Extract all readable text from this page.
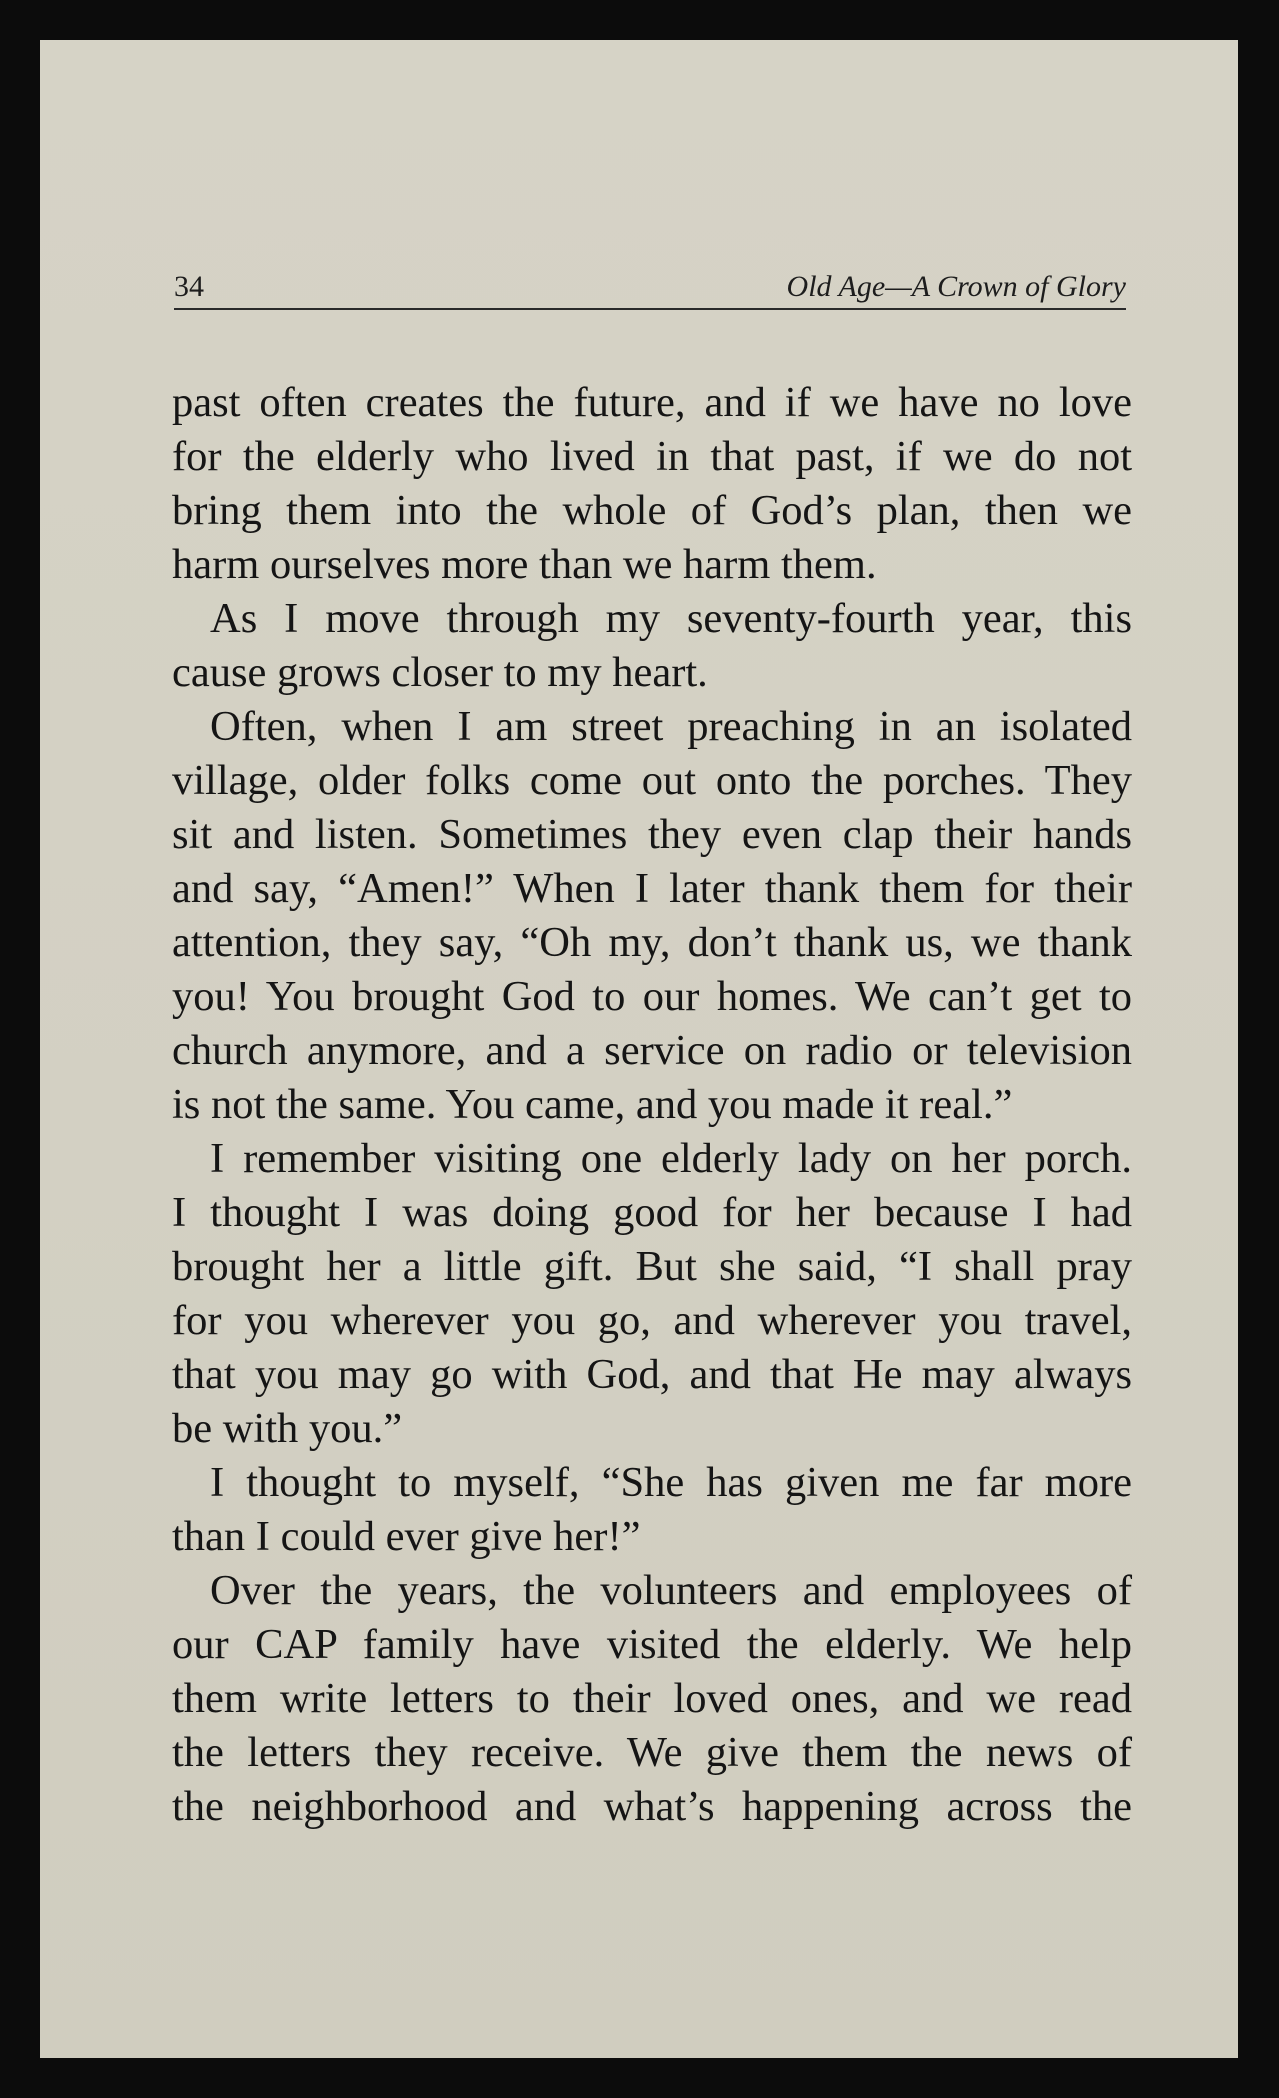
34	Old Age—A Crown of Glory
past often creates the future, and if we have no love
for the elderly who lived in that past, if we do not
bring them into the whole of God’s plan, then we
harm ourselves more than we harm them.
As I move through my seventy-fourth year, this
cause grows closer to my heart.
Often, when I am street preaching in an isolated
village, older folks come out onto the porches. They
sit and listen. Sometimes they even clap their hands
and say, “Amen!” When I later thank them for their
attention, they say, “Oh my, don’t thank us, we thank
you! You brought God to our homes. We can’t get to
church anymore, and a service on radio or television
is not the same. You came, and you made it real.”
I remember visiting one elderly lady on her porch.
I thought I was doing good for her because I had
brought her a little gift. But she said, “I shall pray
for you wherever you go, and wherever you travel,
that you may go with God, and that He may always
be with you.”
I thought to myself, “She has given me far more
than I could ever give her!”
Over the years, the volunteers and employees of
our CAP family have visited the elderly. We help
them write letters to their loved ones, and we read
the letters they receive. We give them the news of
the neighborhood and what’s happening across the
